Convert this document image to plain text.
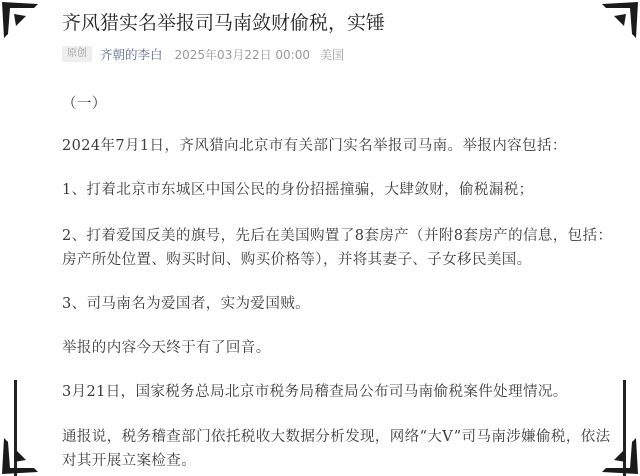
齐风猎实名举报司马南敛财偷税，实锤
原创	齐朝的李白 2025年03月22日 00:00 美国

（一）

2024年7月1日，齐风猎向北京市有关部门实名举报司马南。举报内容包括：

1、打着北京市东城区中国公民的身份招摇撞骗，大肆敛财，偷税漏税；

2、打着爱国反美的旗号，先后在美国购置了8套房产（并附8套房产的信息，包括：房产所处位置、购买时间、购买价格等），并将其妻子、子女移民美国。

3、司马南名为爱国者，实为爱国贼。

举报的内容今天终于有了回音。

3月21日，国家税务总局北京市税务局稽查局公布司马南偷税案件处理情况。

通报说，税务稽查部门依托税收大数据分析发现，网络“大V”司马南涉嫌偷税，依法对其开展立案检查。
